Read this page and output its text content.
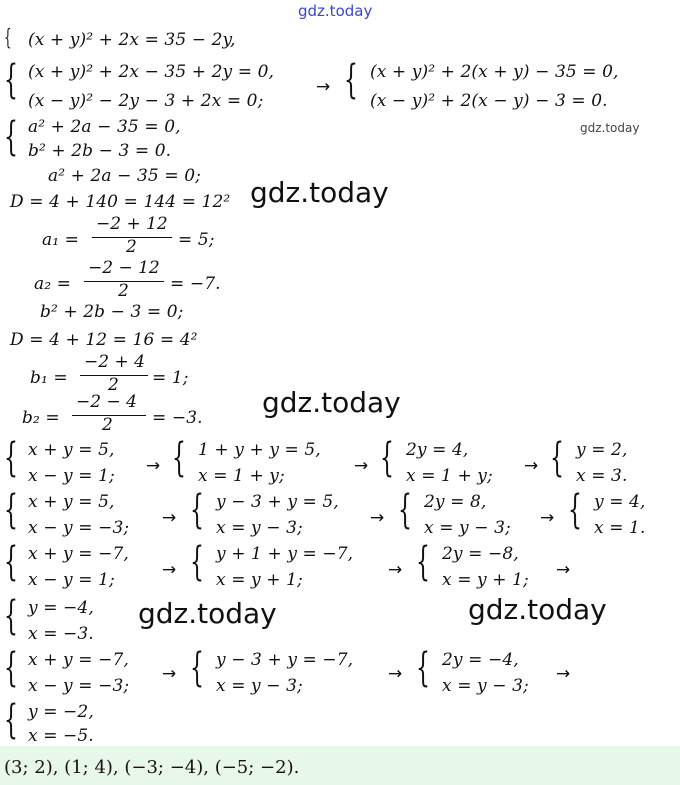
gdz.today
gdz.today
gdz.today
gdz.today
gdz.today	gdz.today
{ (x + y)² + 2x = 35 − 2y,
{ (x + y)² + 2x − 35 + 2y = 0,
(x − y)² − 2y − 3 + 2x = 0;
→ { (x + y)² + 2(x + y) − 35 = 0,
(x − y)² + 2(x − y) − 3 = 0.
{ a² + 2a − 35 = 0,
b² + 2b − 3 = 0.
a² + 2a − 35 = 0;
D = 4 + 140 = 144 = 12²
a₁ =
−2 + 12
2 = 5;
a₂ =
−2 − 12
2 = −7.
b² + 2b − 3 = 0;
D = 4 + 12 = 16 = 4²
b₁ =
−2 + 4
2 = 1;
b₂ =
−2 − 4
2 = −3.
{ x + y = 5,
x − y = 1; → { 1 + y + y = 5,
x = 1 + y;	→ { 2y = 4,
x = 1 + y; → { y = 2,
x = 3.
{ x + y = 5,
x − y = −3; → { y − 3 + y = 5,
x = y − 3;	→ { 2y = 8,
x = y − 3; → { y = 4,
x = 1.
{ x + y = −7,
x − y = 1;	→ { y + 1 + y = −7,
x = y + 1;	→ { 2y = −8,
x = y + 1; →
{ y = −4,
x = −3.
{ x + y = −7,
x − y = −3;
→ { y − 3 + y = −7,
x = y − 3;
→ { 2y = −4,
x = y − 3;
→
{ y = −2,
x = −5.
(3; 2), (1; 4), (−3; −4), (−5; −2).
